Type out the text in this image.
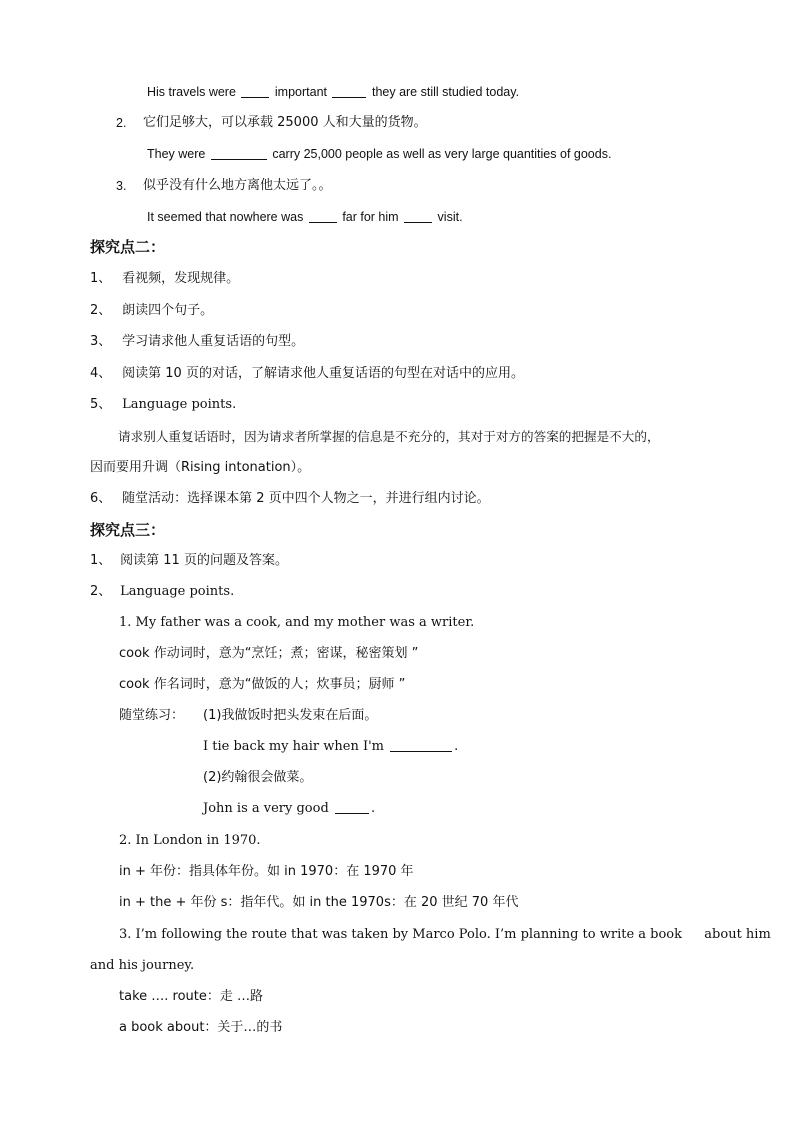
His travels were	important	they are still studied today.
2. 它们足够大，可以承载 25000 人和大量的货物。
They were	carry 25,000 people as well as very large quantities of goods.
3. 似乎没有什么地方离他太远了。。
It seemed that nowhere was	far for him	visit.
探究点二：
1、 看视频，发现规律。
2、 朗读四个句子。
3、 学习请求他人重复话语的句型。
4、 阅读第 10 页的对话，了解请求他人重复话语的句型在对话中的应用。
5、 Language points.
请求别人重复话语时，因为请求者所掌握的信息是不充分的，其对于对方的答案的把握是不大的，
因而要用升调（Rising intonation）。
6、 随堂活动：选择课本第 2 页中四个人物之一，并进行组内讨论。
探究点三：
1、 阅读第 11 页的问题及答案。
2、 Language points.
1. My father was a cook, and my mother was a writer.
cook 作动词时，意为“烹饪；煮；密谋，秘密策划 ”
cook 作名词时，意为“做饭的人；炊事员；厨师 ”
随堂练习： (1)我做饭时把头发束在后面。
I tie back my hair when I'm	.
(2)约翰很会做菜。
John is a very good	.
2. In London in 1970.
in + 年份：指具体年份。如 in 1970：在 1970 年
in + the + 年份 s：指年代。如 in the 1970s：在 20 世纪 70 年代
3. I’m following the route that was taken by Marco Polo. I’m planning to write a book about him
and his journey.
take …. route：走 …路
a book about：关于…的书
